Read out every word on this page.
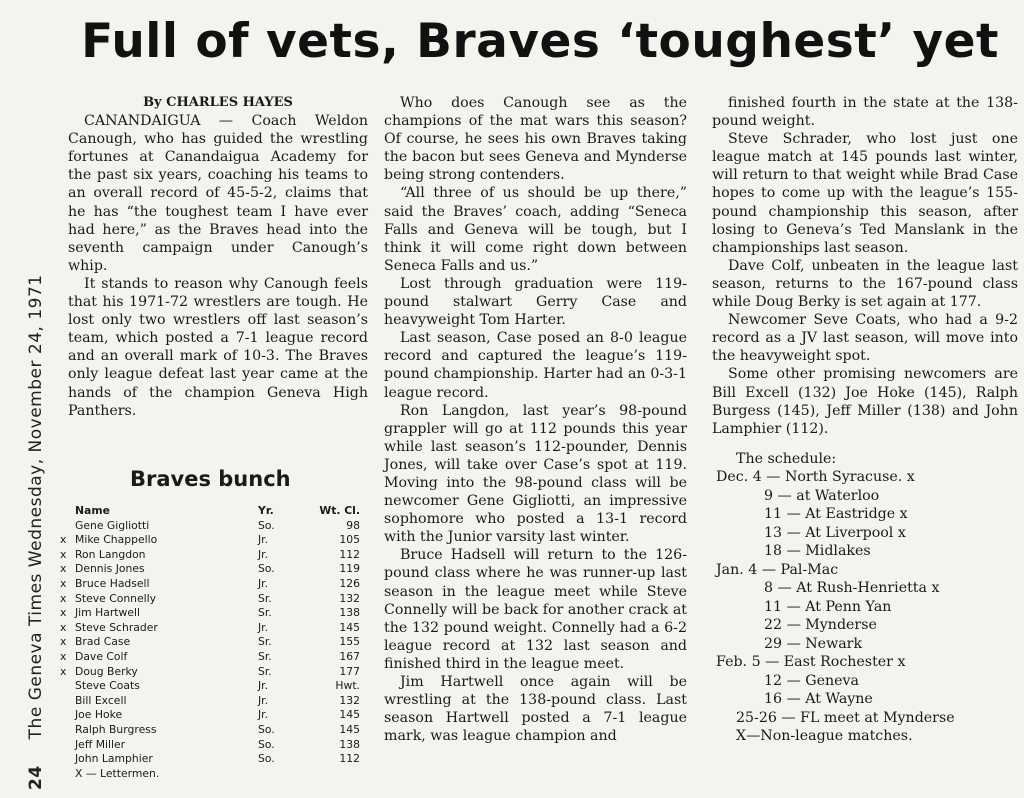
24The Geneva Times Wednesday, November 24, 1971
Full of vets, Braves ‘toughest’ yet

By CHARLES HAYES

CANANDAIGUA — Coach Weldon Canough, who has guided the wrestling fortunes at Canandaigua Academy for the past six years, coaching his teams to an overall record of 45-5-2, claims that he has “the toughest team I have ever had here,” as the Braves head into the seventh campaign under Canough’s whip.

It stands to reason why Canough feels that his 1971-72 wrestlers are tough. He lost only two wrestlers off last season’s team, which posted a 7-1 league record and an overall mark of 10-3. The Braves only league defeat last year came at the hands of the champion Geneva High Panthers.

Braves bunch
Name	Yr.	Wt. Cl.
Gene Gigliotti	So.	98
x Mike Chappello	Jr.	105
x Ron Langdon	Jr.	112
x Dennis Jones	So.	119
x Bruce Hadsell	Jr.	126
x Steve Connelly	Sr.	132
x Jim Hartwell	Sr.	138
x Steve Schrader	Jr.	145
x Brad Case	Sr.	155
x Dave Colf	Sr.	167
x Doug Berky	Sr.	177
Steve Coats	Jr.	Hwt.
Bill Excell	Jr.	132
Joe Hoke	Jr.	145
Ralph Burgress	So.	145
Jeff Miller	So.	138
John Lamphier	So.	112
X — Lettermen.

Who does Canough see as the champions of the mat wars this season? Of course, he sees his own Braves taking the bacon but sees Geneva and Mynderse being strong contenders.

“All three of us should be up there,” said the Braves’ coach, adding “Seneca Falls and Geneva will be tough, but I think it will come right down between Seneca Falls and us.”

Lost through graduation were 119-pound stalwart Gerry Case and heavyweight Tom Harter.

Last season, Case posed an 8-0 league record and captured the league’s 119-pound championship. Harter had an 0-3-1 league record.

Ron Langdon, last year’s 98-pound grappler will go at 112 pounds this year while last season’s 112-pounder, Dennis Jones, will take over Case’s spot at 119. Moving into the 98-pound class will be newcomer Gene Gigliotti, an impressive sophomore who posted a 13-1 record with the Junior varsity last winter.

Bruce Hadsell will return to the 126-pound class where he was runner-up last season in the league meet while Steve Connelly will be back for another crack at the 132 pound weight. Connelly had a 6-2 league record at 132 last season and finished third in the league meet.

Jim Hartwell once again will be wrestling at the 138-pound class. Last season Hartwell posted a 7-1 league mark, was league champion and

finished fourth in the state at the 138-pound weight.

Steve Schrader, who lost just one league match at 145 pounds last winter, will return to that weight while Brad Case hopes to come up with the league’s 155-pound championship this season, after losing to Geneva’s Ted Manslank in the championships last season.

Dave Colf, unbeaten in the league last season, returns to the 167-pound class while Doug Berky is set again at 177.

Newcomer Seve Coats, who had a 9-2 record as a JV last season, will move into the heavyweight spot.

Some other promising newcomers are Bill Excell (132) Joe Hoke (145), Ralph Burgess (145), Jeff Miller (138) and John Lamphier (112).

The schedule:
Dec. 4 — North Syracuse. x
9 — at Waterloo
11 — At Eastridge x
13 — At Liverpool x
18 — Midlakes
Jan. 4 — Pal-Mac
8 — At Rush-Henrietta x
11 — At Penn Yan
22 — Mynderse
29 — Newark
Feb. 5 — East Rochester x
12 — Geneva
16 — At Wayne
25-26 — FL meet at Mynderse
X—Non-league matches.
